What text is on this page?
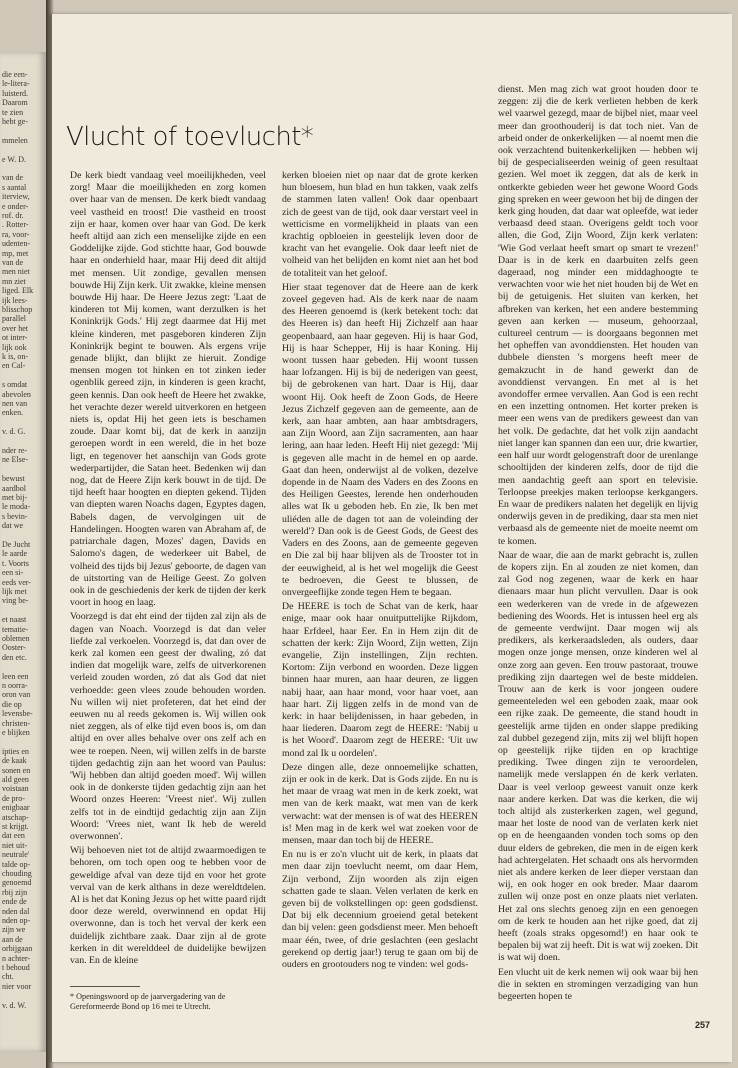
die een-
le-litera-
luisterd.
Daarom
te zien
hebt ge-
mmelen
e W. D.
van de
s aantal
iterview,
e onder-
rof. dr.
. Rotter-
ra, voor-
udenten-
mp, met
van de
men niet
mn ziet
liged. Elk
ijk lees-
blisschop
parallel
over het
ot inter-
lijk ook
k is, on-
en Cal-
s omdat
abevolen
nen van
enken.
v. d. G.
nder re-
ne Else-
bewust
aardbol
met bij-
le moda-
s bevin-
dat we
De Jucht
le aarde
t. Voorts
een si-
eeds ver-
lijk met
ving be-
et naast
tematie-
oblemen
Ooster-
den etc.
leen een
n oorra-
oron van
die op
levensbe-
christen-
e blijken
ipties en
de kaak
sonen en
ald geen
voistaan
de pro-
enigbaar
atschap-
st krijgt.
dat een
niet uit-
neutrale'
talde op-
chouding
genoemd
rbij zijn
ende de
nden dal
nden op-
zijn we
aan de
orbijgaan
n achter-
t behoud
cht.
nier voor
v. d. W.
Vlucht of toevlucht*

De kerk biedt vandaag veel moeilijkheden, veel zorg! Maar die moeilijkheden en zorg komen over haar van de mensen. De kerk biedt vandaag veel vastheid en troost! Die vastheid en troost zijn er haar, komen over haar van God. De kerk heeft altijd aan zich een menselijke zijde en een Goddelijke zijde. God stichtte haar, God bouwde haar en onderhield haar, maar Hij deed dit altijd met mensen. Uit zondige, gevallen mensen bouwde Hij Zijn kerk. Uit zwakke, kleine mensen bouwde Hij haar. De Heere Jezus zegt: 'Laat de kinderen tot Mij komen, want derzulken is het Koninkrijk Gods.' Hij zegt daarmee dat Hij met kleine kinderen, met pasgeboren kinderen Zijn Koninkrijk begint te bouwen. Als ergens vrije genade blijkt, dan blijkt ze hieruit. Zondige mensen mogen tot hinken en tot zinken ieder ogenblik gereed zijn, in kinderen is geen kracht, geen kennis. Dan ook heeft de Heere het zwakke, het verachte dezer wereld uitverkoren en hetgeen niets is, opdat Hij het geen iets is beschamen zoude. Daar komt bij, dat de kerk in aanzijn geroepen wordt in een wereld, die in het boze ligt, en tegenover het aanschijn van Gods grote wederpartijder, die Satan heet. Bedenken wij dan nog, dat de Heere Zijn kerk bouwt in de tijd. De tijd heeft haar hoogten en diepten gekend. Tijden van diepten waren Noachs dagen, Egyptes dagen, Babels dagen, de vervolgingen uit de Handelingen. Hoogten waren van Abraham af, de patriarchale dagen, Mozes' dagen, Davids en Salomo's dagen, de wederkeer uit Babel, de volheid des tijds bij Jezus' geboorte, de dagen van de uitstorting van de Heilige Geest. Zo golven ook in de geschiedenis der kerk de tijden der kerk voort in hoog en laag.

Voorzegd is dat eht eind der tijden zal zijn als de dagen van Noach. Voorzegd is dat dan veler liefde zal verkoelen. Voorzegd is, dat dan over de kerk zal komen een geest der dwaling, zó dat indien dat mogelijk ware, zelfs de uitverkorenen verleid zouden worden, zó dat als God dat niet verhoedde: geen vlees zoude behouden worden. Nu willen wij niet profeteren, dat het eind der eeuwen nu al reeds gekomen is. Wij willen ook niet zeggen, als of elke tijd even boos is, om dan altijd en over alles behalve over ons zelf ach en wee te roepen. Neen, wij willen zelfs in de barste tijden gedachtig zijn aan het woord van Paulus: 'Wij hebben dan altijd goeden moed'. Wij willen ook in de donkerste tijden gedachtig zijn aan het Woord onzes Heeren: 'Vreest niet'. Wij zullen zelfs tot in de eindtijd gedachtig zijn aan Zijn Woord: 'Vrees niet, want Ik heb de wereld overwonnen'.

Wij behoeven niet tot de altijd zwaarmoedigen te behoren, om toch open oog te hebben voor de geweldige afval van deze tijd en voor het grote verval van de kerk althans in deze wereldtdelen. Al is het dat Koning Jezus op het witte paard rijdt door deze wereld, overwinnend en opdat Hij overwonne, dan is toch het verval der kerk een duidelijk zichtbare zaak. Daar zijn al de grote kerken in dit werelddeel de duidelijke bewijzen van. En de kleine

kerken bloeien niet op naar dat de grote kerken hun bloesem, hun blad en hun takken, vaak zelfs de stammen laten vallen! Ook daar openbaart zich de geest van de tijd, ook daar verstart veel in wetticisme en vormelijkheid in plaats van een krachtig opbloeien in geestelijk leven door de kracht van het evangelie. Ook daar leeft niet de volheid van het belijden en komt niet aan het bod de totaliteit van het geloof.

Hier staat tegenover dat de Heere aan de kerk zoveel gegeven had. Als de kerk naar de naam des Heeren genoemd is (kerk betekent toch: dat des Heeren is) dan heeft Hij Zichzelf aan haar geopenbaard, aan haar gegeven. Hij is haar God, Hij is haar Schepper, Hij is haar Koning. Hij woont tussen haar gebeden. Hij woont tussen haar lofzangen. Hij is bij de nederigen van geest, bij de gebrokenen van hart. Daar is Hij, daar woont Hij. Ook heeft de Zoon Gods, de Heere Jezus Zichzelf gegeven aan de gemeente, aan de kerk, aan haar ambten, aan haar ambtsdragers, aan Zijn Woord, aan Zijn sacramenten, aan haar lering, aan haar leden. Heeft Hij niet gezegd: 'Mij is gegeven alle macht in de hemel en op aarde. Gaat dan heen, onderwijst al de volken, dezelve dopende in de Naam des Vaders en des Zoons en des Heiligen Geestes, lerende hen onderhouden alles wat Ik u geboden heb. En zie, Ik ben met uliéden alle de dagen tot aan de voleinding der wereld'? Dan ook is de Geest Gods, de Geest des Vaders en des Zoons, aan de gemeente gegeven en Die zal bij haar blijven als de Trooster tot in der eeuwigheid, al is het wel mogelijk die Geest te bedroeven, die Geest te blussen, de onvergeeflijke zonde tegen Hem te begaan.

De HEERE is toch de Schat van de kerk, haar enige, maar ook haar onuitputtelijke Rijkdom, haar Erfdeel, haar Eer. En in Hem zijn dit de schatten der kerk: Zijn Woord, Zijn wetten, Zijn evangelie, Zijn instellingen, Zijn rechten. Kortom: Zijn verbond en woorden. Deze liggen binnen haar muren, aan haar deuren, ze liggen nabij haar, aan haar mond, voor haar voet, aan haar hart. Zij liggen zelfs in de mond van de kerk: in haar belijdenissen, in haar gebeden, in haar liederen. Daarom zegt de HEERE: 'Nabij u is het Woord'. Daarom zegt de HEERE: 'Uit uw mond zal Ik u oordelen'.

Deze dingen alle, deze onnoemelijke schatten, zijn er ook in de kerk. Dat is Gods zijde. En nu is het maar de vraag wat men in de kerk zoekt, wat men van de kerk maakt, wat men van de kerk verwacht: wat der mensen is of wat des HEEREN is! Men mag in de kerk wel wat zoeken voor de mensen, maar dan toch bij de HEERE.

En nu is er zo'n vlucht uit de kerk, in plaats dat men daar zijn toevlucht neemt, om daar Hem, Zijn verbond, Zijn woorden als zijn eigen schatten gade te slaan. Velen verlaten de kerk en geven bij de volkstellingen op: geen godsdienst. Dat bij elk decennium groeiend getal betekent dan bij velen: geen godsdienst meer. Men behoeft maar één, twee, of drie geslachten (een geslacht gerekend op dertig jaar!) terug te gaan om bij de ouders en grootouders nog te vinden: wel gods-

dienst. Men mag zich wat groot houden door te zeggen: zij die de kerk verlieten hebben de kerk wel vaarwel gezegd, maar de bijbel niet, maar veel meer dan groothouderij is dat toch niet. Van de arbeid onder de onkerkelijken — al noemt men die ook verzachtend buitenkerkelijken — hebben wij bij de gespecialiseerden weinig of geen resultaat gezien. Wel moet ik zeggen, dat als de kerk in ontkerkte gebieden weer het gewone Woord Gods ging spreken en weer gewoon het bij de dingen der kerk ging houden, dat daar wat opleefde, wat ieder verbaasd deed staan. Overigens geldt toch voor allen, die God, Zijn Woord, Zijn kerk verlaten: 'Wie God verlaat heeft smart op smart te vrezen!' Daar is in de kerk en daarbuiten zelfs geen dageraad, nog minder een middaghoogte te verwachten voor wie het niet houden bij de Wet en bij de getuigenis. Het sluiten van kerken, het afbreken van kerken, het een andere bestemming geven aan kerken — museum, gehoorzaal, cultureel centrum — is doorgaans begonnen met het opheffen van avonddiensten. Het houden van dubbele diensten 's morgens heeft meer de gemakzucht in de hand gewerkt dan de avonddienst vervangen. En met al is het avondoffer ermee vervallen. Aan God is een recht en een inzetting ontnomen. Het korter preken is meer een wens van de predikers geweest dan van het volk. De gedachte, dat het volk zijn aandacht niet langer kan spannen dan een uur, drie kwartier, een half uur wordt gelogenstraft door de urenlange schooltijden der kinderen zelfs, door de tijd die men aandachtig geeft aan sport en televisie. Terloopse preekjes maken terloopse kerkgangers. En waar de predikers nalaten het degelijk en lijvig onderwijs geven in de prediking, daar sta men niet verbaasd als de gemeente niet de moeite neemt om te komen.

Naar de waar, die aan de markt gebracht is, zullen de kopers zijn. En al zouden ze niet komen, dan zal God nog zegenen, waar de kerk en haar dienaars maar hun plicht vervullen. Daar is ook een wederkeren van de vrede in de afgewezen bediening des Woords. Het is intussen heel erg als de gemeente verdwijnt. Daar mogen wij als predikers, als kerkeraadsleden, als ouders, daar mogen onze jonge mensen, onze kinderen wel al onze zorg aan geven. Een trouw pastoraat, trouwe prediking zijn daartegen wel de beste middelen. Trouw aan de kerk is voor jongeen oudere gemeenteleden wel een geboden zaak, maar ook een rijke zaak. De gemeente, die stand houdt in geestelijk arme tijden en onder slappe prediking zal dubbel gezegend zijn, mits zij wel blijft hopen op geestelijk rijke tijden en op krachtige prediking. Twee dingen zijn te veroordelen, namelijk mede verslappen én de kerk verlaten. Daar is veel verloop geweest vanuit onze kerk naar andere kerken. Dat was die kerken, die wij toch altijd als zusterkerken zagen, wel gegund, maar het loste de nood van de verlaten kerk niet op en de heengaanden vonden toch soms op den duur elders de gebreken, die men in de eigen kerk had achtergelaten. Het schaadt ons als hervormden niet als andere kerken de leer dieper verstaan dan wij, en ook hoger en ook breder. Maar daarom zullen wij onze post en onze plaats niet verlaten. Het zal ons slechts genoeg zijn en een genoegen om de kerk te houden aan het rijke goed, dat zij heeft (zoals straks opgesomd!) en haar ook te bepalen bij wat zij heeft. Dit is wat wij zoeken. Dit is wat wij doen.

Een vlucht uit de kerk nemen wij ook waar bij hen die in sekten en stromingen verzadiging van hun begeerten hopen te

* Openingswoord op de jaarvergadering van de Gereformeerde Bond op 16 mei te Utrecht.
257
